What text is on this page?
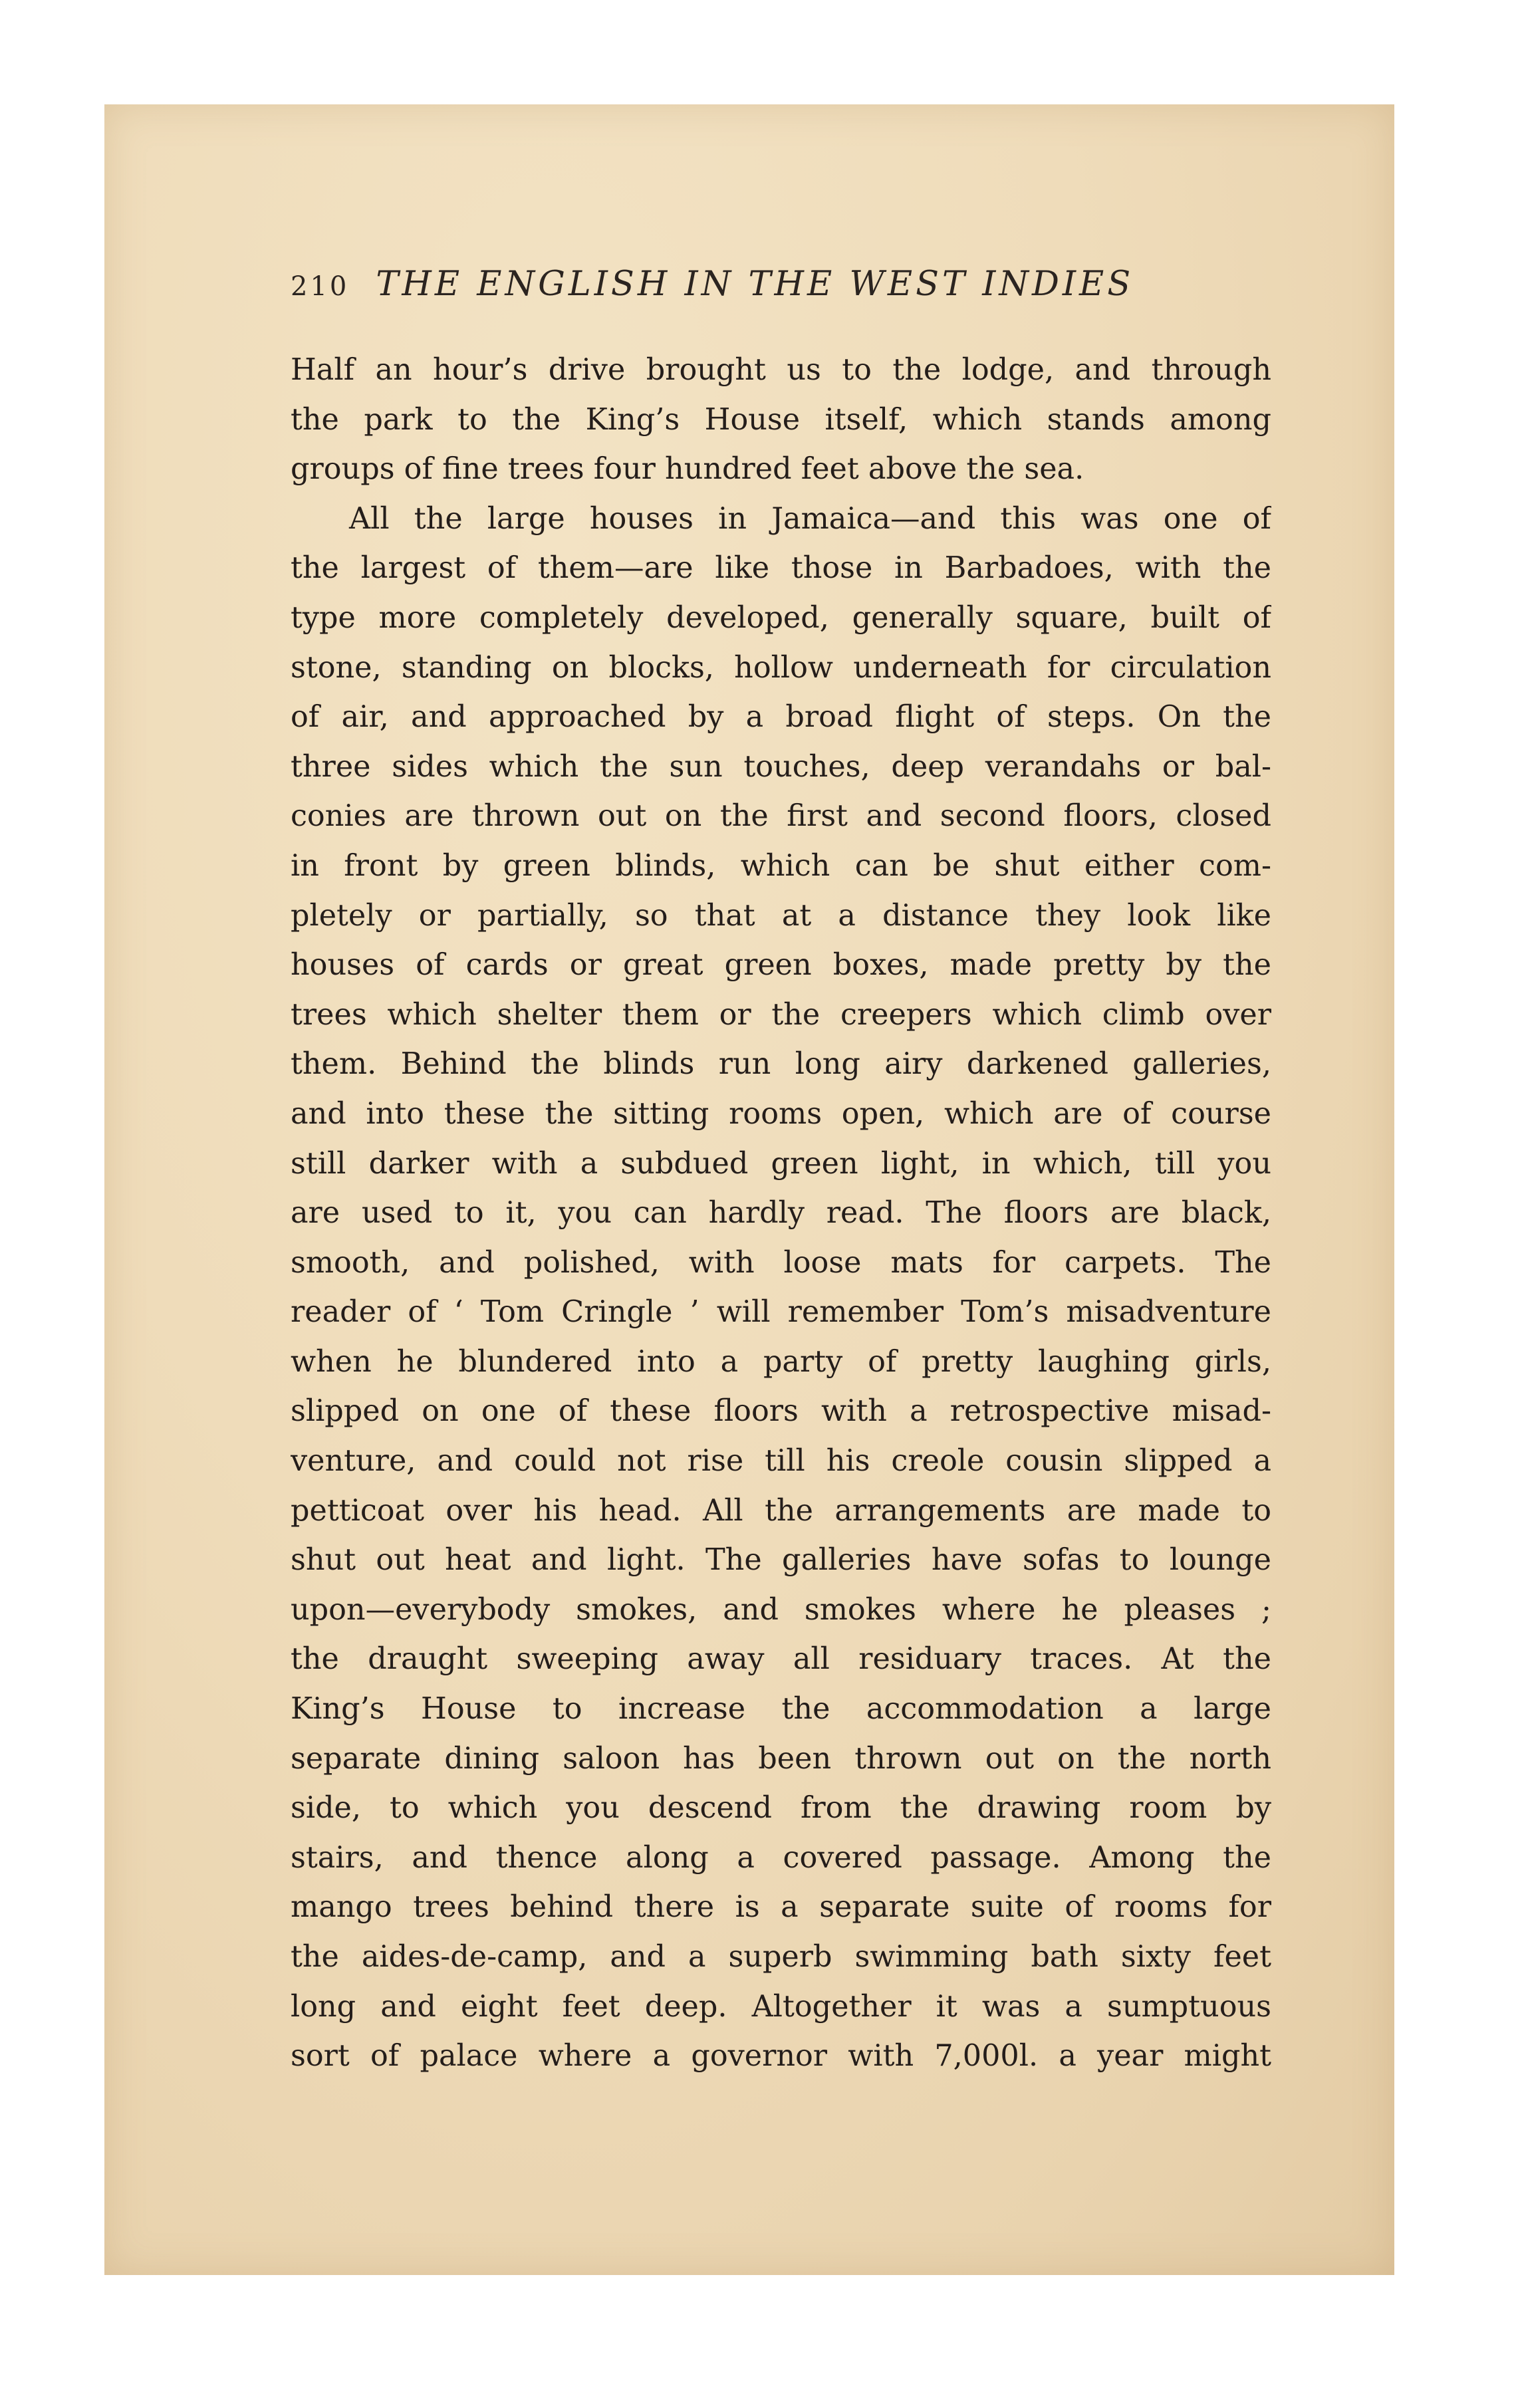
210 THE ENGLISH IN THE WEST INDIES
Half an hour’s drive brought us to the lodge, and through
the park to the King’s House itself, which stands among
groups of fine trees four hundred feet above the sea.
All the large houses in Jamaica—and this was one of
the largest of them—are like those in Barbadoes, with the
type more completely developed, generally square, built of
stone, standing on blocks, hollow underneath for circulation
of air, and approached by a broad flight of steps. On the
three sides which the sun touches, deep verandahs or bal-
conies are thrown out on the first and second floors, closed
in front by green blinds, which can be shut either com-
pletely or partially, so that at a distance they look like
houses of cards or great green boxes, made pretty by the
trees which shelter them or the creepers which climb over
them. Behind the blinds run long airy darkened galleries,
and into these the sitting rooms open, which are of course
still darker with a subdued green light, in which, till you
are used to it, you can hardly read. The floors are black,
smooth, and polished, with loose mats for carpets. The
reader of ‘ Tom Cringle ’ will remember Tom’s misadventure
when he blundered into a party of pretty laughing girls,
slipped on one of these floors with a retrospective misad-
venture, and could not rise till his creole cousin slipped a
petticoat over his head. All the arrangements are made to
shut out heat and light. The galleries have sofas to lounge
upon—everybody smokes, and smokes where he pleases ;
the draught sweeping away all residuary traces. At the
King’s House to increase the accommodation a large
separate dining saloon has been thrown out on the north
side, to which you descend from the drawing room by
stairs, and thence along a covered passage. Among the
mango trees behind there is a separate suite of rooms for
the aides-de-camp, and a superb swimming bath sixty feet
long and eight feet deep. Altogether it was a sumptuous
sort of palace where a governor with 7,000l. a year might
